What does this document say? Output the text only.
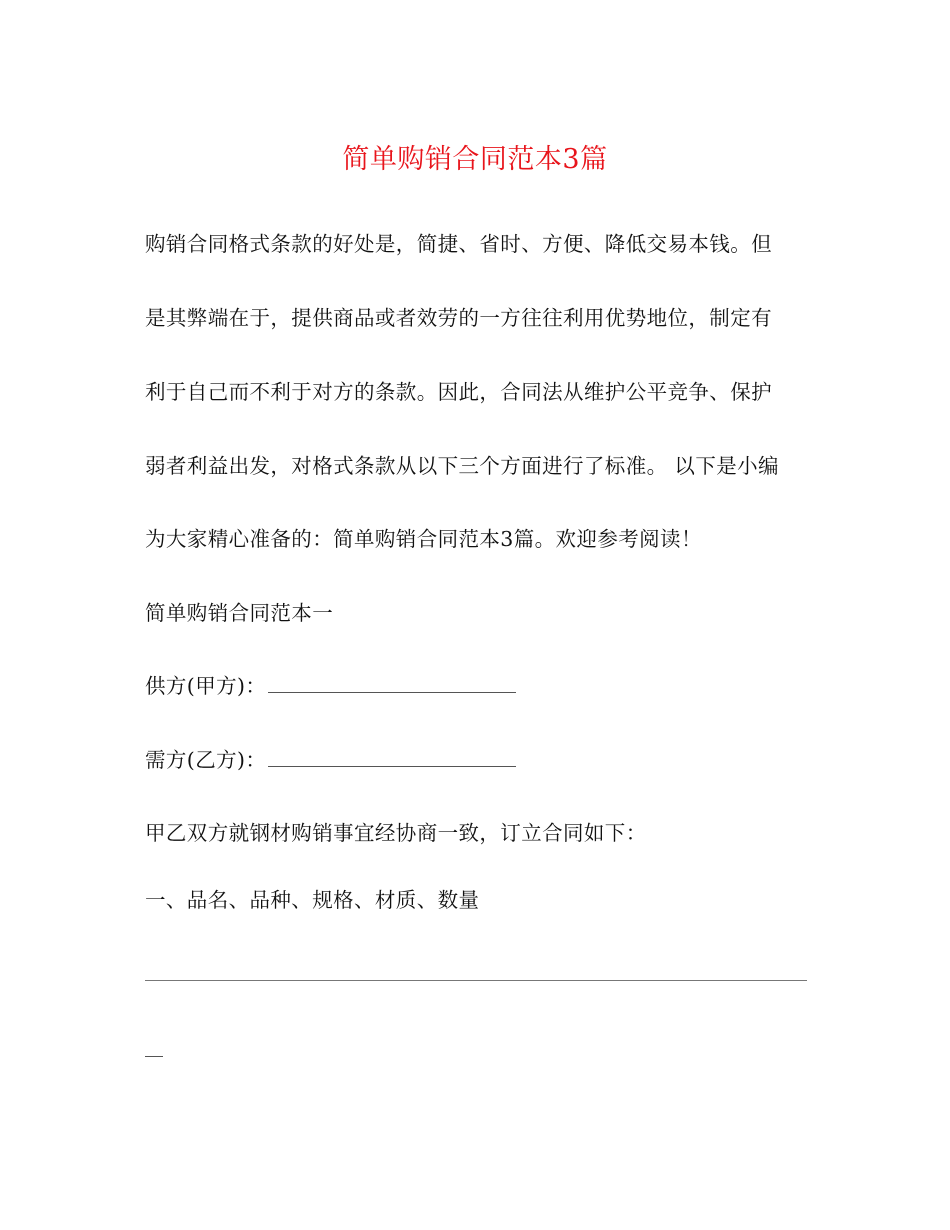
简单购销合同范本3篇
购销合同格式条款的好处是，简捷、省时、方便、降低交易本钱。但
是其弊端在于，提供商品或者效劳的一方往往利用优势地位，制定有
利于自己而不利于对方的条款。因此，合同法从维护公平竞争、保护
弱者利益出发，对格式条款从以下三个方面进行了标准。 以下是小编
为大家精心准备的：简单购销合同范本3篇。欢迎参考阅读！
简单购销合同范本一
供方(甲方)：
需方(乙方)：
甲乙双方就钢材购销事宜经协商一致，订立合同如下：
一、品名、品种、规格、材质、数量
